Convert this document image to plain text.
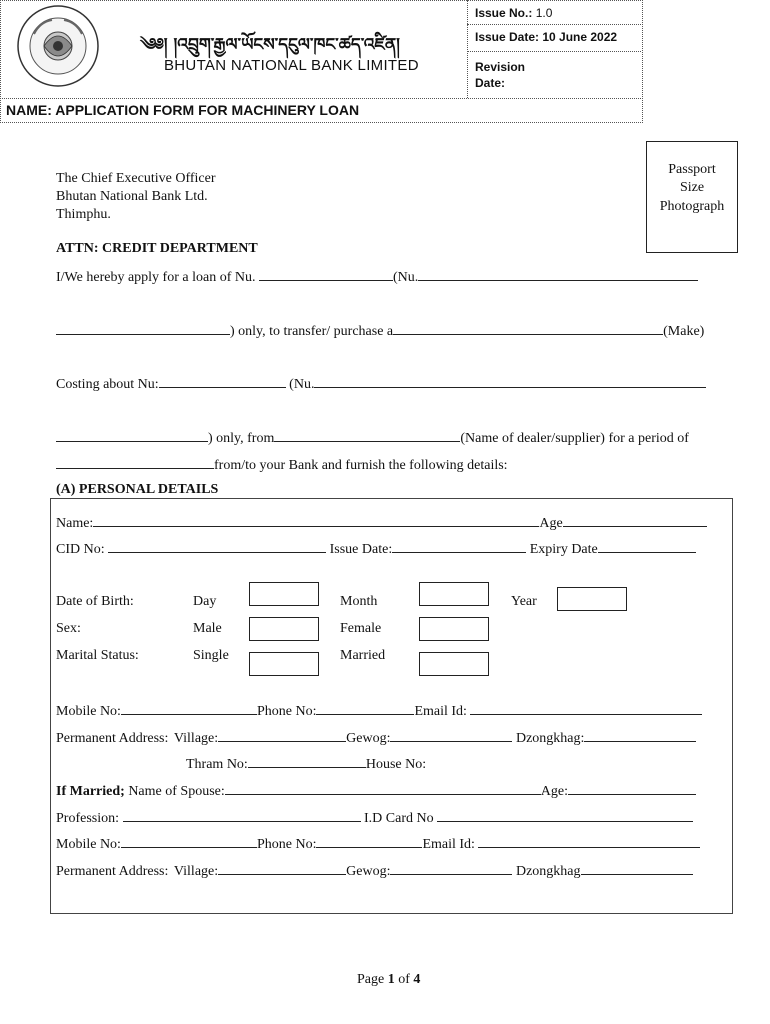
༄༅། །འབྲུག་རྒྱལ་ཡོངས་དངུལ་ཁང་ཚད་འཛིན།
BHUTAN NATIONAL BANK LIMITED
Issue No.: 1.0
Issue Date: 10 June 2022
Revision
Date:
NAME: APPLICATION FORM FOR MACHINERY LOAN
Passport
Size
Photograph
The Chief Executive Officer
Bhutan National Bank Ltd.
Thimphu.
ATTN: CREDIT DEPARTMENT
I/We hereby apply for a loan of Nu.	(Nu.
) only, to transfer/ purchase a	(Make)
Costing about Nu:	(Nu.
) only, from	(Name of dealer/supplier) for a period of
from/to your Bank and furnish the following details:
(A) PERSONAL DETAILS
Name:	Age
CID No:	Issue Date:	Expiry Date
Date of Birth:	Day	Month	Year
Sex:	Male	Female
Marital Status:	Single	Married
Mobile No:	Phone No:	Email Id:
Permanent Address: Village:	Gewog:	Dzongkhag:
Thram No:	House No:
If Married; Name of Spouse:	Age:
Profession:	I.D Card No
Mobile No:	Phone No:	Email Id:
Permanent Address: Village:	Gewog:	Dzongkhag
Page 1 of 4
